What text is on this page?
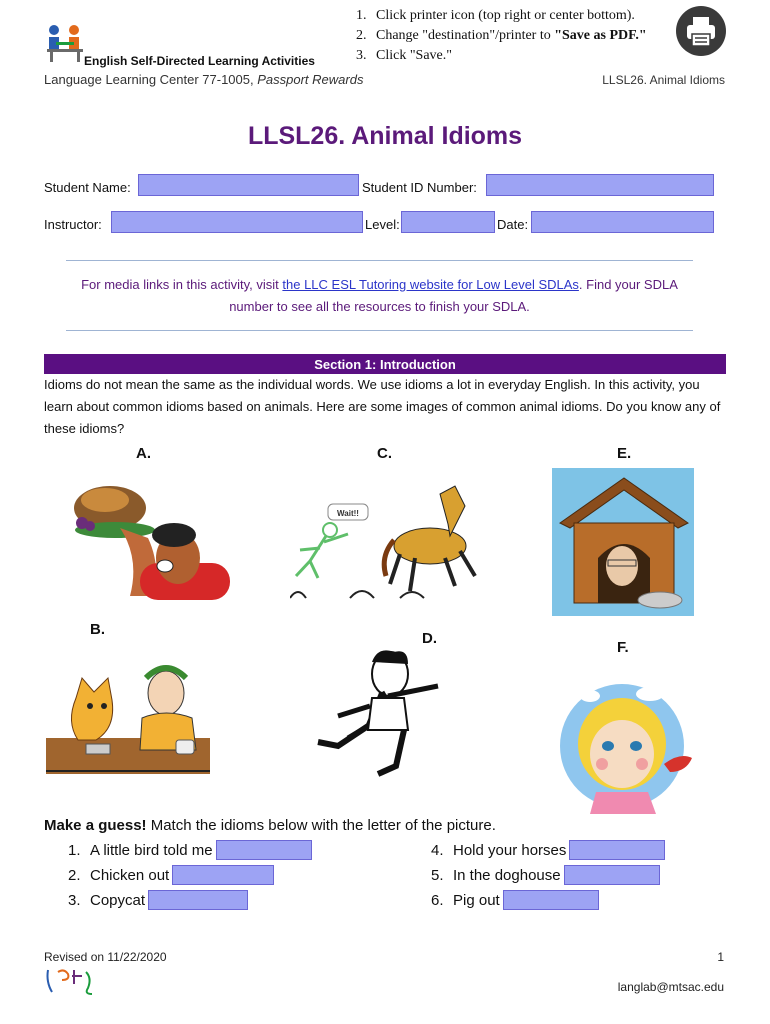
English Self-Directed Learning Activities
Language Learning Center 77-1005, Passport Rewards	LLSL26. Animal Idioms
1. Click printer icon (top right or center bottom).
2. Change "destination"/printer to "Save as PDF."
3. Click "Save."
LLSL26. Animal Idioms
Student Name:	Student ID Number:
Instructor:	Level:	Date:
For media links in this activity, visit the LLC ESL Tutoring website for Low Level SDLAs. Find your SDLA number to see all the resources to finish your SDLA.
Section 1: Introduction
Idioms do not mean the same as the individual words. We use idioms a lot in everyday English. In this activity, you learn about common idioms based on animals. Here are some images of common animal idioms. Do you know any of these idioms?
A.	C.
Wait!!
E.
B.
D.
F.
Make a guess! Match the idioms below with the letter of the picture.
1. A little bird told me
2. Chicken out
3. Copycat
4. Hold your horses
5. In the doghouse
6. Pig out
Revised on 11/22/2020	1
langlab@mtsac.edu
